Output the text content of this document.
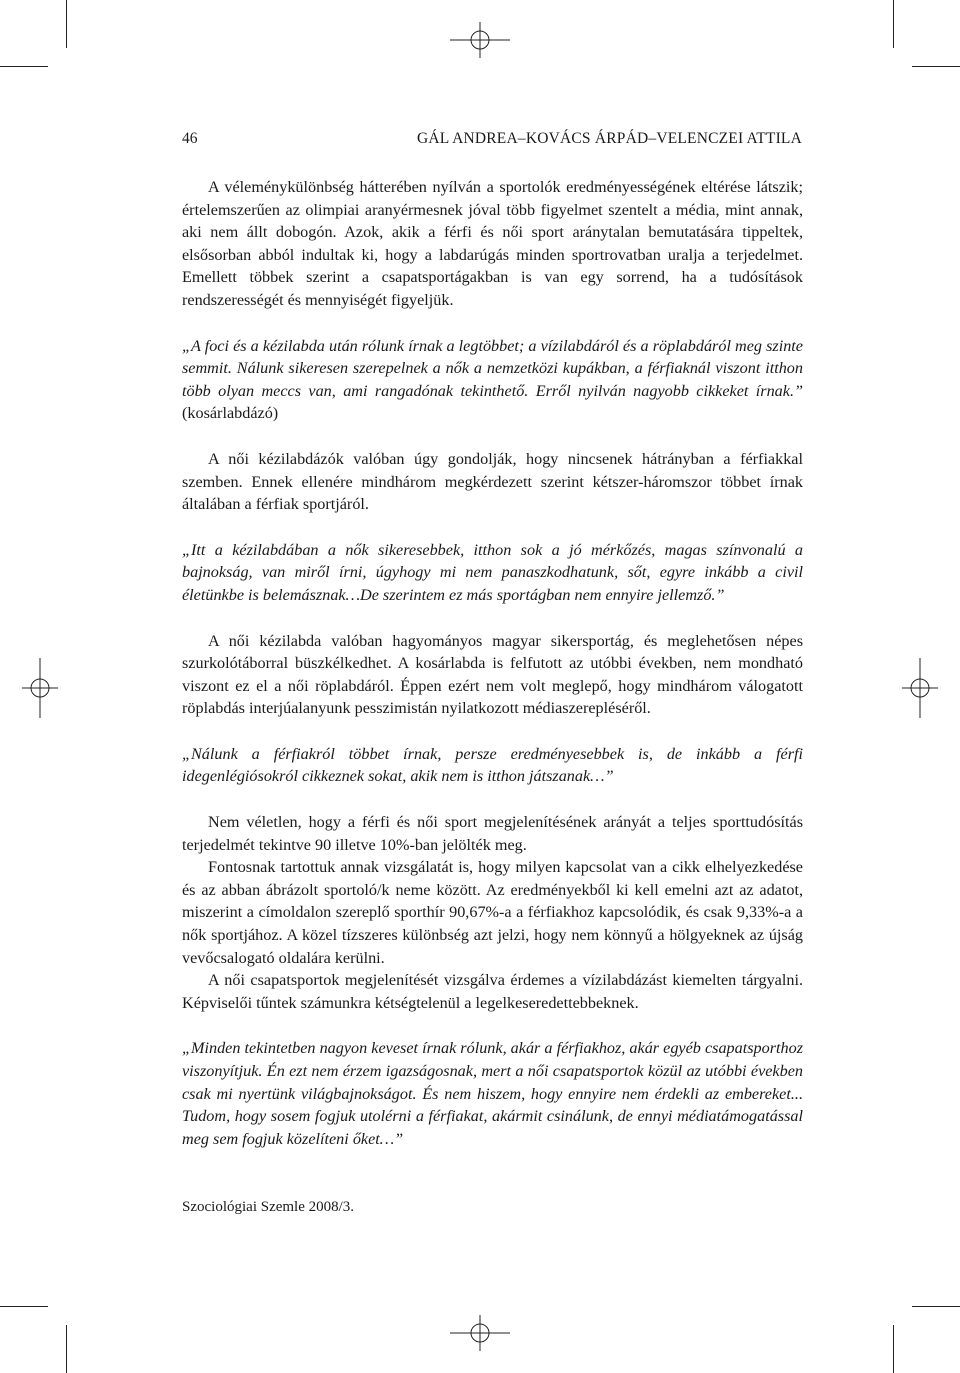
46	GÁL ANDREA–KOVÁCS ÁRPÁD–VELENCZEI ATTILA

A véleménykülönbség hátterében nyílván a sportolók eredményességének eltérése látszik; értelemszerűen az olimpiai aranyérmesnek jóval több figyelmet szentelt a média, mint annak, aki nem állt dobogón. Azok, akik a férfi és női sport aránytalan bemutatására tippeltek, elsősorban abból indultak ki, hogy a labdarúgás minden sportrovatban uralja a terjedelmet. Emellett többek szerint a csapatsportágakban is van egy sorrend, ha a tudósítások rendszerességét és mennyiségét figyeljük.

„A foci és a kézilabda után rólunk írnak a legtöbbet; a vízilabdáról és a röplabdáról meg szinte semmit. Nálunk sikeresen szerepelnek a nők a nemzetközi kupákban, a férfiaknál viszont itthon több olyan meccs van, ami rangadónak tekinthető. Erről nyilván nagyobb cikkeket írnak.” (kosárlabdázó)

A női kézilabdázók valóban úgy gondolják, hogy nincsenek hátrányban a férfiakkal szemben. Ennek ellenére mindhárom megkérdezett szerint kétszer-háromszor többet írnak általában a férfiak sportjáról.

„Itt a kézilabdában a nők sikeresebbek, itthon sok a jó mérkőzés, magas színvonalú a bajnokság, van miről írni, úgyhogy mi nem panaszkodhatunk, sőt, egyre inkább a civil életünkbe is belemásznak…De szerintem ez más sportágban nem ennyire jellemző.”

A női kézilabda valóban hagyományos magyar sikersportág, és meglehetősen népes szurkolótáborral büszkélkedhet. A kosárlabda is felfutott az utóbbi években, nem mondható viszont ez el a női röplabdáról. Éppen ezért nem volt meglepő, hogy mindhárom válogatott röplabdás interjúalanyunk pesszimistán nyilatkozott médiaszerepléséről.

„Nálunk a férfiakról többet írnak, persze eredményesebbek is, de inkább a férfi idegenlégiósokról cikkeznek sokat, akik nem is itthon játszanak…”

Nem véletlen, hogy a férfi és női sport megjelenítésének arányát a teljes sporttudósítás terjedelmét tekintve 90 illetve 10%-ban jelölték meg.

Fontosnak tartottuk annak vizsgálatát is, hogy milyen kapcsolat van a cikk elhelyezkedése és az abban ábrázolt sportoló/k neme között. Az eredményekből ki kell emelni azt az adatot, miszerint a címoldalon szereplő sporthír 90,67%-a a férfiakhoz kapcsolódik, és csak 9,33%-a a nők sportjához. A közel tízszeres különbség azt jelzi, hogy nem könnyű a hölgyeknek az újság vevőcsalogató oldalára kerülni.

A női csapatsportok megjelenítését vizsgálva érdemes a vízilabdázást kiemelten tárgyalni. Képviselői tűntek számunkra kétségtelenül a legelkeseredettebbeknek.

„Minden tekintetben nagyon keveset írnak rólunk, akár a férfiakhoz, akár egyéb csapatsporthoz viszonyítjuk. Én ezt nem érzem igazságosnak, mert a női csapatsportok közül az utóbbi években csak mi nyertünk világbajnokságot. És nem hiszem, hogy ennyire nem érdekli az embereket... Tudom, hogy sosem fogjuk utolérni a férfiakat, akármit csinálunk, de ennyi médiatámogatással meg sem fogjuk közelíteni őket…”

Szociológiai Szemle 2008/3.
